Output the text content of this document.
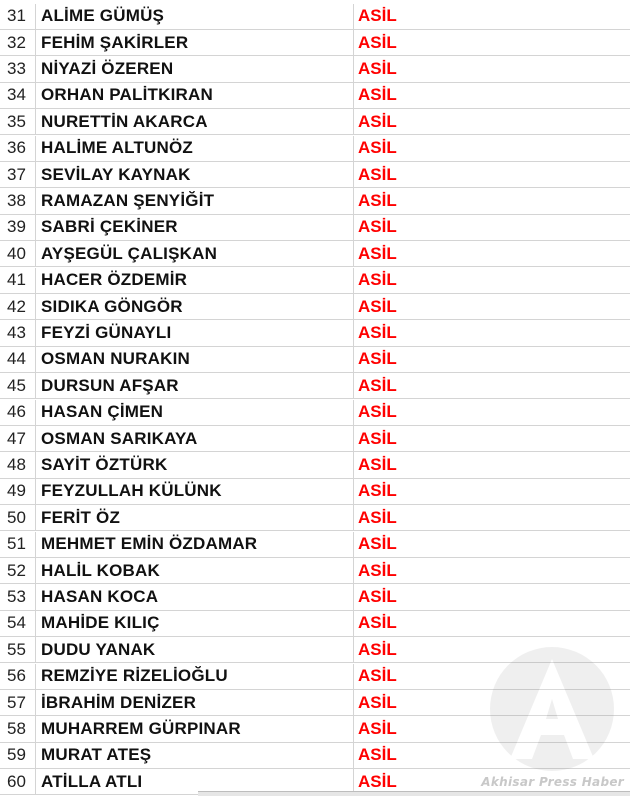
31 ALİME GÜMÜŞ	ASİL
32 FEHİM ŞAKİRLER	ASİL
33 NİYAZİ ÖZEREN	ASİL
34 ORHAN PALİTKIRAN	ASİL
35 NURETTİN AKARCA	ASİL
36 HALİME ALTUNÖZ	ASİL
37 SEVİLAY KAYNAK	ASİL
38 RAMAZAN ŞENYİĞİT	ASİL
39 SABRİ ÇEKİNER	ASİL
40 AYŞEGÜL ÇALIŞKAN	ASİL
41 HACER ÖZDEMİR	ASİL
42 SIDIKA GÖNGÖR	ASİL
43 FEYZİ GÜNAYLI	ASİL
44 OSMAN NURAKIN	ASİL
45 DURSUN AFŞAR	ASİL
46 HASAN ÇİMEN	ASİL
47 OSMAN SARIKAYA	ASİL
48 SAYİT ÖZTÜRK	ASİL
49 FEYZULLAH KÜLÜNK	ASİL
50 FERİT ÖZ	ASİL
51 MEHMET EMİN ÖZDAMAR	ASİL
52 HALİL KOBAK	ASİL
53 HASAN KOCA	ASİL
54 MAHİDE KILIÇ	ASİL
55 DUDU YANAK	ASİL
56 REMZİYE RİZELİOĞLU	ASİL
57 İBRAHİM DENİZER	ASİL
58 MUHARREM GÜRPINAR	ASİL
59 MURAT ATEŞ	ASİL
60 ATİLLA ATLI	ASİL	Akhisar Press Haber
